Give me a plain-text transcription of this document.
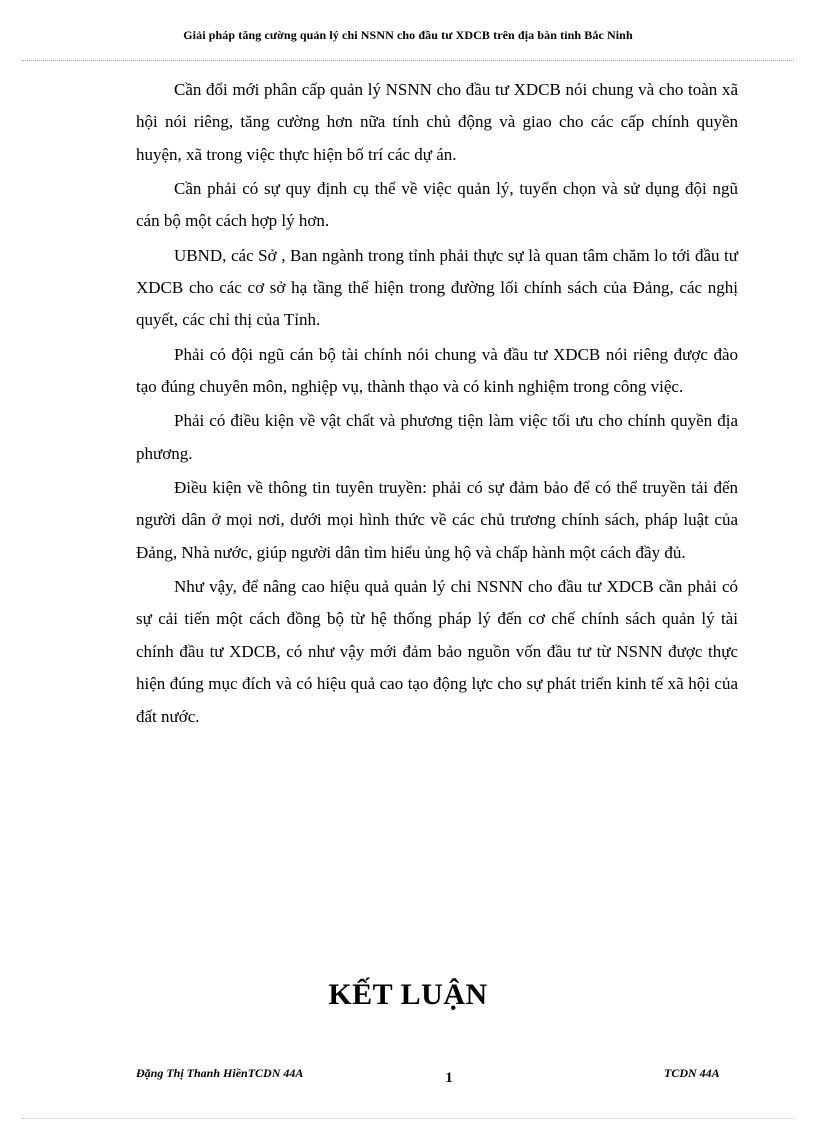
Giải pháp tăng cường quản lý chi NSNN cho đầu tư XDCB trên địa bàn tỉnh Bắc Ninh

Cần đổi mới phân cấp quản lý NSNN cho đầu tư XDCB nói chung và cho toàn xã hội nói riêng, tăng cường hơn nữa tính chủ động và giao cho các cấp chính quyền huyện, xã trong việc thực hiện bố trí các dự án.

Cần phải có sự quy định cụ thể về việc quản lý, tuyển chọn và sử dụng đội ngũ cán bộ một cách hợp lý hơn.

UBND, các Sở , Ban ngành trong tỉnh phải thực sự là quan tâm chăm lo tới đầu tư XDCB cho các cơ sở hạ tầng thể hiện trong đường lối chính sách của Đảng, các nghị quyết, các chỉ thị của Tỉnh.

Phải có đội ngũ cán bộ tài chính nói chung và đầu tư XDCB nói riêng được đào tạo đúng chuyên môn, nghiệp vụ, thành thạo và có kinh nghiệm trong công việc.

Phải có điều kiện về vật chất và phương tiện làm việc tối ưu cho chính quyền địa phương.

Điều kiện về thông tin tuyên truyền: phải có sự đảm bảo để có thể truyền tải đến người dân ở mọi nơi, dưới mọi hình thức về các chủ trương chính sách, pháp luật của Đảng, Nhà nước, giúp người dân tìm hiểu ủng hộ và chấp hành một cách đầy đủ.

Như vậy, để nâng cao hiệu quả quản lý chi NSNN cho đầu tư XDCB cần phải có sự cải tiến một cách đồng bộ từ hệ thống pháp lý đến cơ chế chính sách quản lý tài chính đầu tư XDCB, có như vậy mới đảm bảo nguồn vốn đầu tư từ NSNN được thực hiện đúng mục đích và có hiệu quả cao tạo động lực cho sự phát triển kinh tế xã hội của đất nước.

KẾT LUẬN
Đặng Thị Thanh HiềnTCDN 44A	1	TCDN 44A
